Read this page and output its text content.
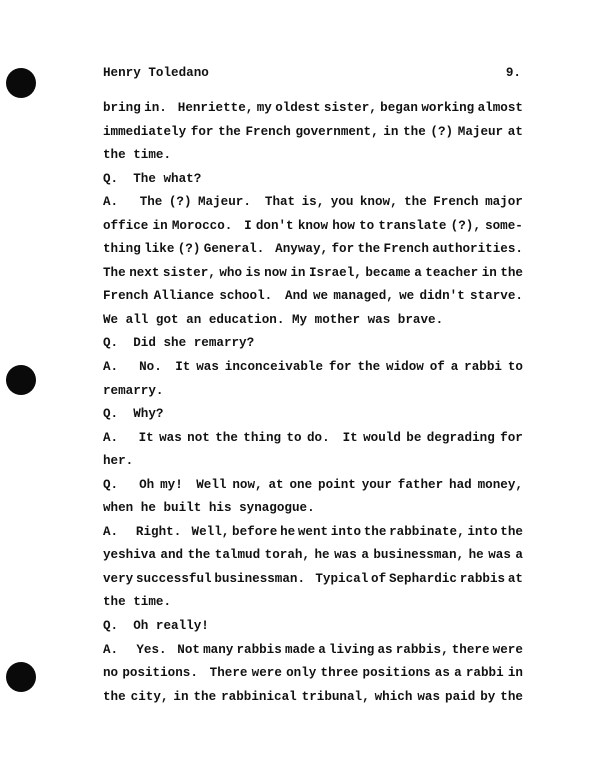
Henry Toledano	9.
bring in. Henriette, my oldest sister, began working almost
immediately for the French government, in the (?) Majeur at
the time.
Q. The what?
A. The (?) Majeur. That is, you know, the French major
office in Morocco. I don't know how to translate (?), some-
thing like (?) General. Anyway, for the French authorities.
The next sister, who is now in Israel, became a teacher in the
French Alliance school. And we managed, we didn't starve.
We all got an education. My mother was brave.
Q. Did she remarry?
A. No. It was inconceivable for the widow of a rabbi to
remarry.
Q. Why?
A. It was not the thing to do. It would be degrading for
her.
Q. Oh my! Well now, at one point your father had money,
when he built his synagogue.
A. Right. Well, before he went into the rabbinate, into the
yeshiva and the talmud torah, he was a businessman, he was a
very successful businessman. Typical of Sephardic rabbis at
the time.
Q. Oh really!
A. Yes. Not many rabbis made a living as rabbis, there were
no positions. There were only three positions as a rabbi in
the city, in the rabbinical tribunal, which was paid by the
